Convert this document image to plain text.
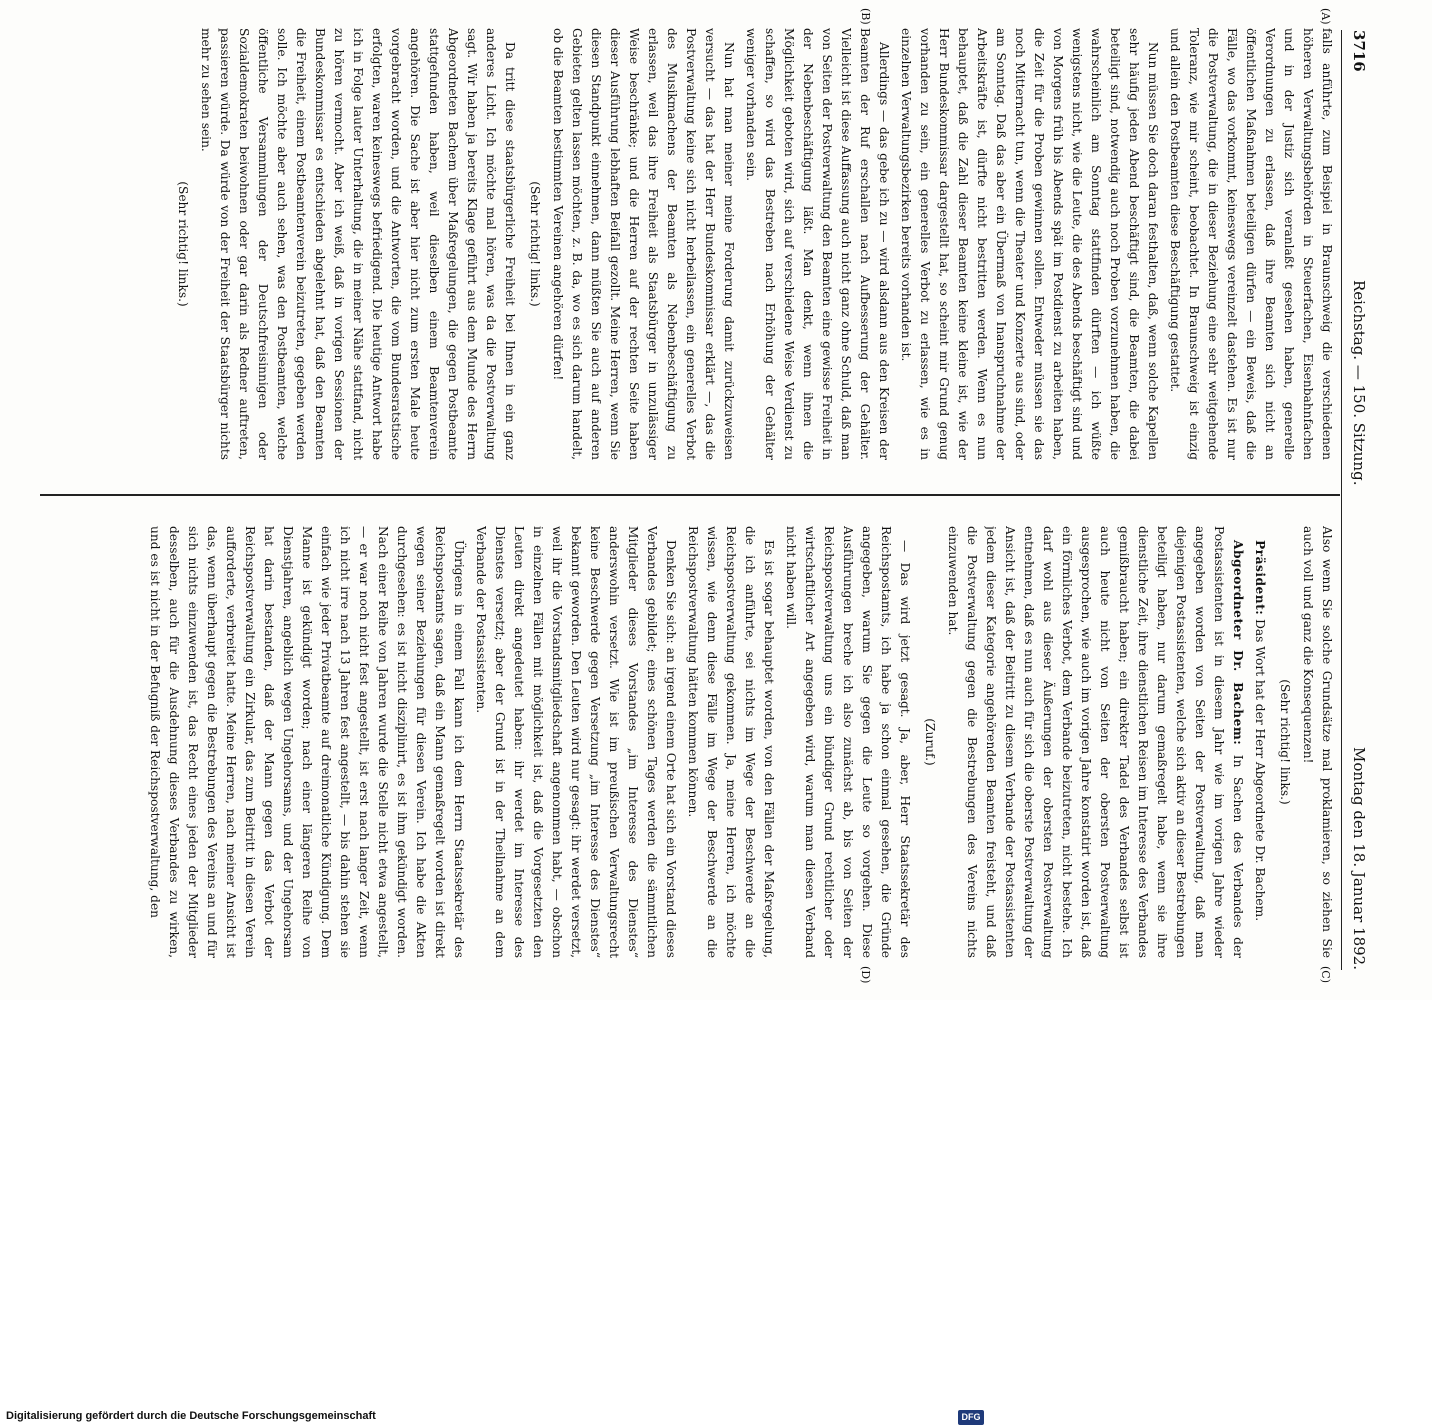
3716
Reichstag. — 150. Sitzung.
Montag den 18. Januar 1892.
(A)
(B)
(C)
(D)

falls anführte, zum Beispiel in Braunschweig die verschiedenen höheren Verwaltungsbehörden in Steuerfachen, Eisenbahnfachen und in der Justiz sich veranlaßt gesehen haben, generelle Verordnungen zu erlassen, daß ihre Beamten sich nicht an öffentlichen Maßnahmen beteiligen dürfen — ein Beweis, daß die Fälle, wo das vorkommt, keineswegs vereinzelt dastehen. Es ist nur die Postverwaltung, die in dieser Beziehung eine sehr weitgehende Toleranz, wie mir scheint, beobachtet. In Braunschweig ist einzig und allein den Postbeamten diese Beschäftigung gestattet.

Nun müssen Sie doch daran festhalten, daß, wenn solche Kapellen sehr häufig jeden Abend beschäftigt sind, die Beamten, die dabei beteiligt sind, notwendig auch noch Proben vorzunehmen haben, die wahrscheinlich am Sonntag stattfinden dürften — ich wüßte wenigstens nicht, wie die Leute, die des Abends beschäftigt sind und von Morgens früh bis Abends spät im Postdienst zu arbeiten haben, die Zeit für die Proben gewinnen sollen. Entweder müssen sie das noch Mitternacht tun, wenn die Theater und Konzerte aus sind, oder am Sonntag. Daß das aber ein Übermaß von Inanspruchnahme der Arbeitskräfte ist, dürfte nicht bestritten werden. Wenn es nun behauptet, daß die Zahl dieser Beamten keine kleine ist, wie der Herr Bundeskommissar dargestellt hat, so scheint mir Grund genug vorhanden zu sein, ein generelles Verbot zu erlassen, wie es in einzelnen Verwaltungsbezirken bereits vorhanden ist.

Allerdings — das gebe ich zu — wird alsdann aus den Kreisen der Beamten der Ruf erschallen nach Aufbesserung der Gehälter. Vielleicht ist diese Auffassung auch nicht ganz ohne Schuld, daß man von Seiten der Postverwaltung den Beamten eine gewisse Freiheit in der Nebenbeschäftigung läßt. Man denkt, wenn ihnen die Möglichkeit geboten wird, sich auf verschiedene Weise Verdienst zu schaffen, so wird das Bestreben nach Erhöhung der Gehälter weniger vorhanden sein.

Nun hat man meiner meine Forderung damit zurückzuweisen versucht — das hat der Herr Bundeskommissar erklärt —, das die Postverwaltung keine sich nicht herbeilassen, ein generelles Verbot des Musikmachens der Beamten als Nebenbeschäftigung zu erlassen, weil das ihre Freiheit als Staatsbürger in unzulässiger Weise beschränke; und die Herren auf der rechten Seite haben dieser Ausführung lebhaften Beifall gezollt. Meine Herren, wenn Sie diesen Standpunkt einnehmen, dann müßten Sie auch auf anderen Gebieten gelten lassen möchten, z. B. da, wo es sich darum handelt, ob die Beamten bestimmten Vereinen angehören dürfen!

(Sehr richtig! links.)

Da tritt diese staatsbürgerliche Freiheit bei Ihnen in ein ganz anderes Licht. Ich möchte mal hören, was da die Postverwaltung sagt. Wir haben ja bereits Klage geführt aus dem Munde des Herrn Abgeordneten Bachem über Maßregelungen, die gegen Postbeamte stattgefunden haben, weil dieselben einem Beamtenverein angehören. Die Sache ist aber hier nicht zum ersten Male heute vorgebracht worden, und die Antworten, die vom Bundesratstische erfolgten, waren keineswegs befriedigend. Die heutige Antwort habe ich in Folge lauter Unterhaltung, die in meiner Nähe stattfand, nicht zu hören vermocht. Aber ich weiß, daß in vorigen Sessionen der Bundeskommissar es entschieden abgelehnt hat, daß den Beamten die Freiheit, einem Postbeamtenverein beizutreten, gegeben werden solle. Ich möchte aber auch sehen, was den Postbeamten, welche öffentliche Versammlungen der Deutschfreisinnigen oder Sozialdemokraten beiwohnen oder gar darin als Redner auftreten, passieren würde. Da würde von der Freiheit der Staatsbürger nichts mehr zu sehen sein.

(Sehr richtig! links.)

Also wenn Sie solche Grundsätze mal proklamieren, so ziehen Sie auch voll und ganz die Konsequenzen!

(Sehr richtig! links.)

Präsident: Das Wort hat der Herr Abgeordnete Dr. Bachem.

Abgeordneter Dr. Bachem: In Sachen des Verbandes der Postassistenten ist in diesem Jahr wie im vorigen Jahre wieder angegeben worden von Seiten der Postverwaltung, daß man diejenigen Postassistenten, welche sich aktiv an dieser Bestrebungen beteiligt haben, nur darum gemaßregelt habe, wenn sie ihre dienstliche Zeit, ihre dienstlichen Reisen im Interesse des Verbandes gemißbraucht haben; ein direkter Tadel des Verbandes selbst ist auch heute nicht von Seiten der obersten Postverwaltung ausgesprochen, wie auch im vorigen Jahre konstatirt worden ist, daß ein förmliches Verbot, dem Verbande beizutreten, nicht bestehe. Ich darf wohl aus dieser Äußerungen der obersten Postverwaltung entnehmen, daß es nun auch für sich die oberste Postverwaltung der Ansicht ist, daß der Beitritt zu diesem Verbande der Postassistenten jedem dieser Kategorie angehörenden Beamten freisteht, und daß die Postverwaltung gegen die Bestrebungen des Vereins nichts einzuwenden hat.

(Zuruf.)

— Das wird jetzt gesagt. Ja, aber, Herr Staatssekretär des Reichspostamts, ich habe ja schon einmal gesehen, die Gründe angegeben, warum Sie gegen die Leute so vorgehen. Diese Ausführungen breche ich also zunächst ab, bis von Seiten der Reichspostverwaltung uns ein bündiger Grund rechtlicher oder wirtschaftlicher Art angegeben wird, warum man diesen Verband nicht haben will.

Es ist sogar behauptet worden, von den Fällen der Maßregelung, die ich anführte, sei nichts im Wege der Beschwerde an die Reichspostverwaltung gekommen. Ja, meine Herren, ich möchte wissen, wie denn diese Fälle im Wege der Beschwerde an die Reichspostverwaltung hätten kommen können.

Denken Sie sich: an irgend einem Orte hat sich ein Vorstand dieses Verbandes gebildet; eines schönen Tages werden die sämmtlichen Mitglieder dieses Vorstandes „im Interesse des Dienstes“ anderswohin versetzt. Wie ist im preußischen Verwaltungsrecht keine Beschwerde gegen Versetzung „im Interesse des Dienstes“ bekannt geworden. Den Leuten wird nur gesagt: ihr werdet versetzt, weil ihr die Vorstandsmitgliedschaft angenommen habt, — obschon in einzelnen Fällen mit möglichkeit ist, daß die Vorgesetzten den Leuten direkt angedeutet haben: ihr werdet im Interesse des Dienstes versetzt; aber der Grund ist in der Theilnahme an dem Verbande der Postassistenten.

Übrigens in einem Fall kann ich dem Herrn Staatssekretär des Reichspostamts sagen, daß ein Mann gemaßregelt worden ist direkt wegen seiner Beziehungen für diesen Verein. Ich habe die Akten durchgesehen: es ist nicht disziplinirt, es ist ihm gekündigt worden. Nach einer Reihe von Jahren wurde die Stelle nicht etwa angestellt, — er war noch nicht fest angestellt, ist erst nach langer Zeit, wenn ich nicht irre nach 13 Jahren fest angestellt, — bis dahin stehen sie einfach wie jeder Privatbeamte auf dreimonatliche Kündigung. Dem Manne ist gekündigt worden; nach einer längeren Reihe von Dienstjahren, angeblich wegen Ungehorsams, und der Ungehorsam hat darin bestanden, daß der Mann gegen das Verbot der Reichspostverwaltung ein Zirkular, das zum Beitritt in diesen Verein aufforderte, verbreitet hatte. Meine Herren, nach meiner Ansicht ist das, wenn überhaupt gegen die Bestrebungen des Vereins an und für sich nichts einzuwenden ist, das Recht eines jeden der Mitglieder desselben, auch für die Ausdehnung dieses Verbandes zu wirken, und es ist nicht in der Befugniß der Reichspostverwaltung, den

Digitalisierung gefördert durch die Deutsche Forschungsgemeinschaft	DFG
